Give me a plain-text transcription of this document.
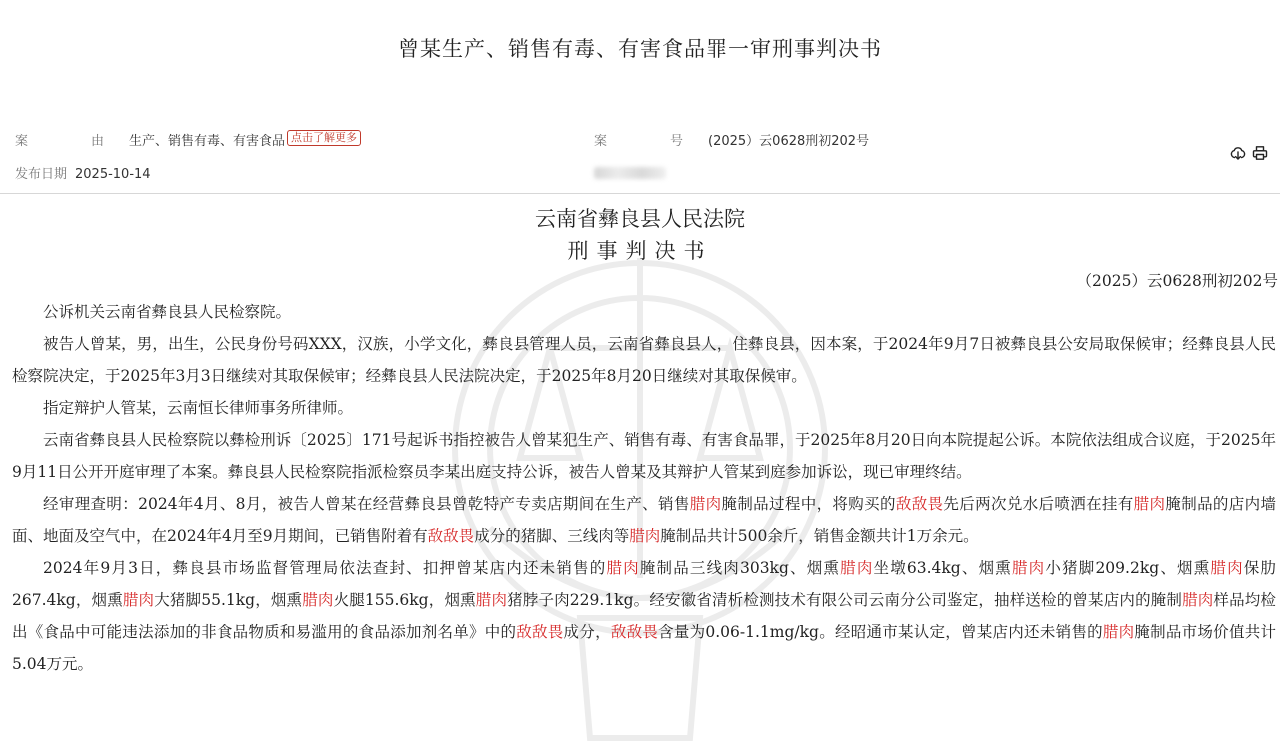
曾某生产、销售有毒、有害食品罪一审刑事判决书
案　由生产、销售有毒、有害食品 点击了解更多	案　号(2025）云0628刑初202号
发布日期 2025-10-14
云南省彝良县人民法院
刑事判决书
（2025）云0628刑初202号

公诉机关云南省彝良县人民检察院。

被告人曾某，男，出生，公民身份号码XXX，汉族，小学文化，彝良县管理人员，云南省彝良县人，住彝良县，因本案，于2024年9月7日被彝良县公安局取保候审；经彝良县人民检察院决定，于2025年3月3日继续对其取保候审；经彝良县人民法院决定，于2025年8月20日继续对其取保候审。

指定辩护人管某，云南恒长律师事务所律师。

云南省彝良县人民检察院以彝检刑诉〔2025〕171号起诉书指控被告人曾某犯生产、销售有毒、有害食品罪，于2025年8月20日向本院提起公诉。本院依法组成合议庭，于2025年9月11日公开开庭审理了本案。彝良县人民检察院指派检察员李某出庭支持公诉，被告人曾某及其辩护人管某到庭参加诉讼，现已审理终结。

经审理查明：2024年4月、8月，被告人曾某在经营彝良县曾乾特产专卖店期间在生产、销售腊肉腌制品过程中，将购买的敌敌畏先后两次兑水后喷洒在挂有腊肉腌制品的店内墙面、地面及空气中，在2024年4月至9月期间，已销售附着有敌敌畏成分的猪脚、三线肉等腊肉腌制品共计500余斤，销售金额共计1万余元。

2024年9月3日，彝良县市场监督管理局依法查封、扣押曾某店内还未销售的腊肉腌制品三线肉303kg、烟熏腊肉坐墩63.4kg、烟熏腊肉小猪脚209.2kg、烟熏腊肉保肋267.4kg，烟熏腊肉大猪脚55.1kg，烟熏腊肉火腿155.6kg，烟熏腊肉猪脖子肉229.1kg。经安徽省清析检测技术有限公司云南分公司鉴定，抽样送检的曾某店内的腌制腊肉样品均检出《食品中可能违法添加的非食品物质和易滥用的食品添加剂名单》中的敌敌畏成分，敌敌畏含量为0.06-1.1mg/kg。经昭通市某认定，曾某店内还未销售的腊肉腌制品市场价值共计5.04万元。
